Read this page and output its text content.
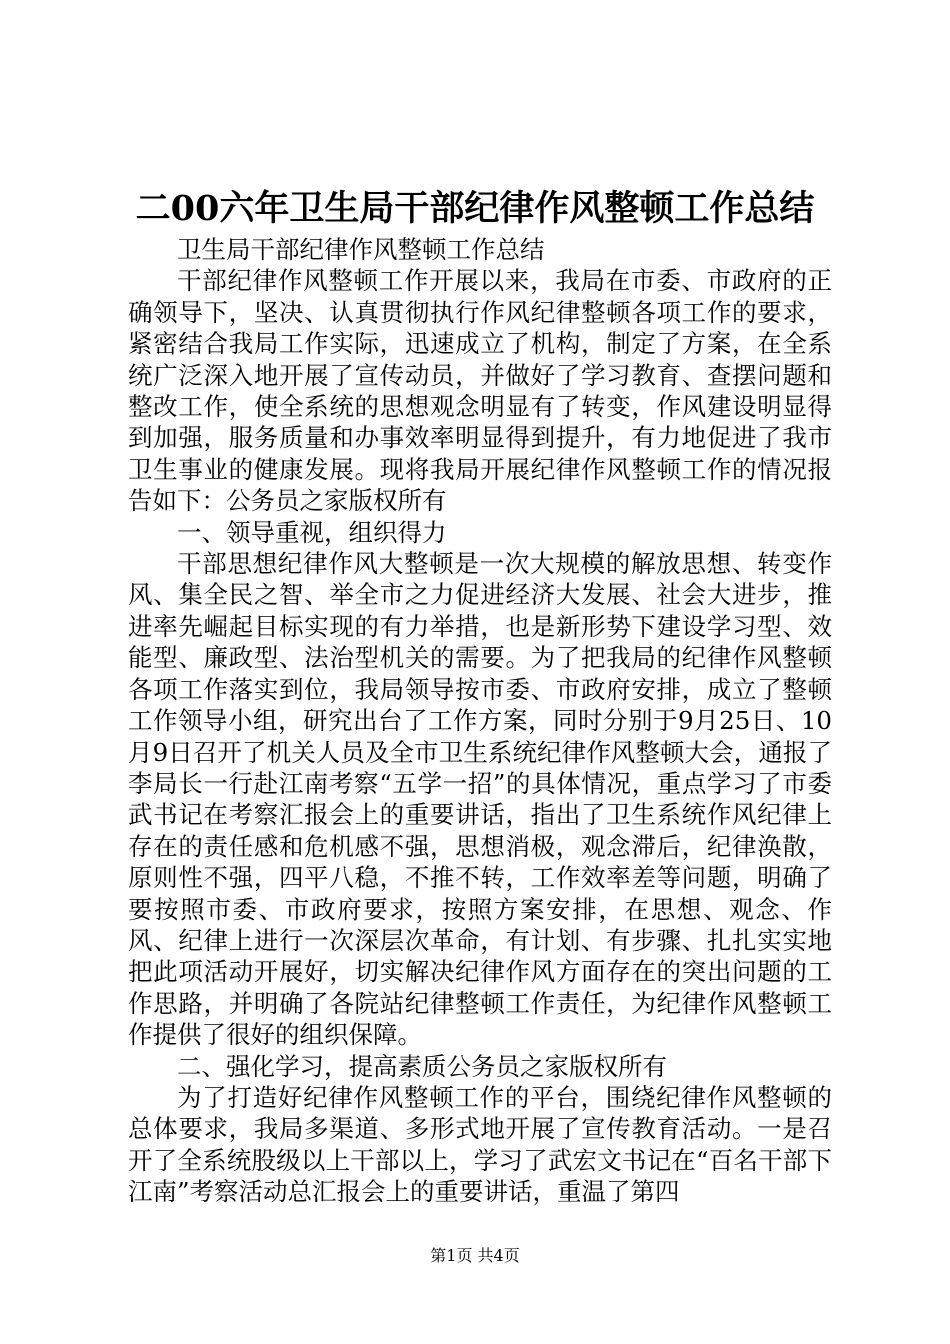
二00六年卫生局干部纪律作风整顿工作总结

卫生局干部纪律作风整顿工作总结

干部纪律作风整顿工作开展以来，我局在市委、市政府的正确领导下，坚决、认真贯彻执行作风纪律整顿各项工作的要求，紧密结合我局工作实际，迅速成立了机构，制定了方案，在全系统广泛深入地开展了宣传动员，并做好了学习教育、查摆问题和整改工作，使全系统的思想观念明显有了转变，作风建设明显得到加强，服务质量和办事效率明显得到提升，有力地促进了我市卫生事业的健康发展。现将我局开展纪律作风整顿工作的情况报告如下：公务员之家版权所有

一、领导重视，组织得力

干部思想纪律作风大整顿是一次大规模的解放思想、转变作风、集全民之智、举全市之力促进经济大发展、社会大进步，推进率先崛起目标实现的有力举措，也是新形势下建设学习型、效能型、廉政型、法治型机关的需要。为了把我局的纪律作风整顿各项工作落实到位，我局领导按市委、市政府安排，成立了整顿工作领导小组，研究出台了工作方案，同时分别于9月25日、10月9日召开了机关人员及全市卫生系统纪律作风整顿大会，通报了李局长一行赴江南考察“五学一招”的具体情况，重点学习了市委武书记在考察汇报会上的重要讲话，指出了卫生系统作风纪律上存在的责任感和危机感不强，思想消极，观念滞后，纪律涣散，原则性不强，四平八稳，不推不转，工作效率差等问题，明确了要按照市委、市政府要求，按照方案安排，在思想、观念、作风、纪律上进行一次深层次革命，有计划、有步骤、扎扎实实地把此项活动开展好，切实解决纪律作风方面存在的突出问题的工作思路，并明确了各院站纪律整顿工作责任，为纪律作风整顿工作提供了很好的组织保障。

二、强化学习，提高素质公务员之家版权所有

为了打造好纪律作风整顿工作的平台，围绕纪律作风整顿的总体要求，我局多渠道、多形式地开展了宣传教育活动。一是召开了全系统股级以上干部以上，学习了武宏文书记在“百名干部下江南”考察活动总汇报会上的重要讲话，重温了第四

第1页 共4页
